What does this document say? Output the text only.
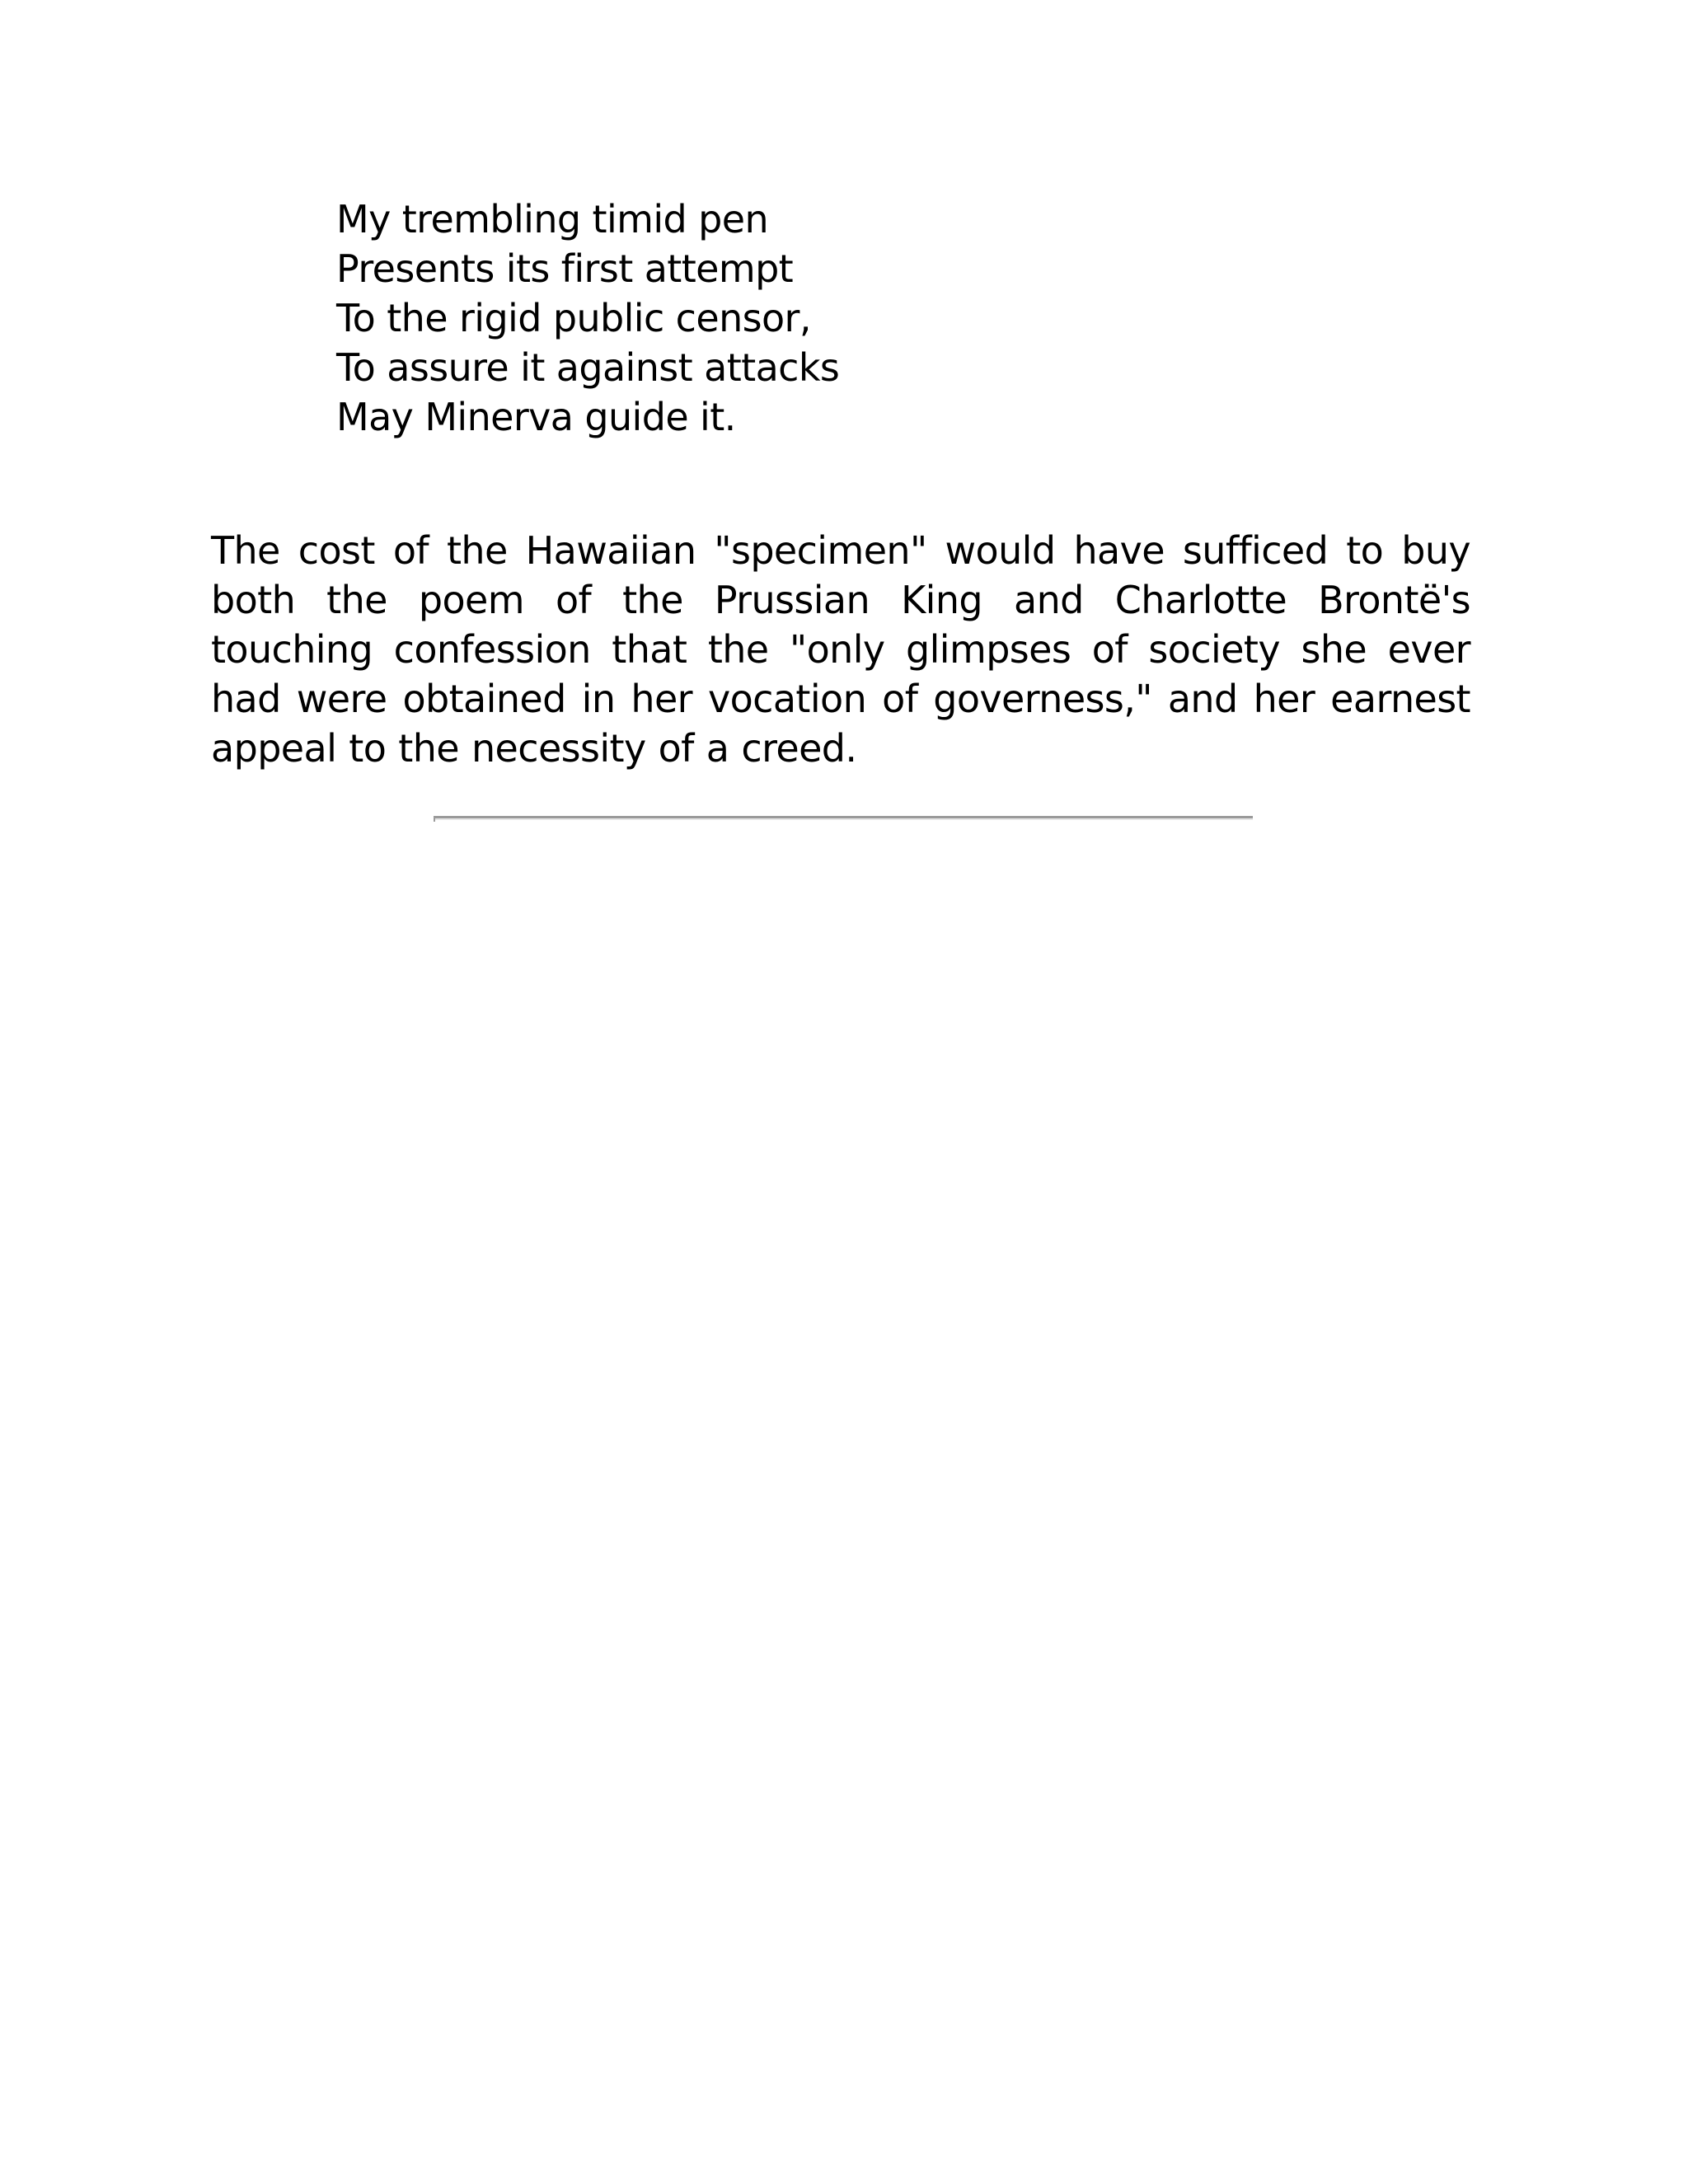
My trembling timid pen
Presents its first attempt
To the rigid public censor,
To assure it against attacks
May Minerva guide it.

The cost of the Hawaiian "specimen" would have sufficed to buy both the poem of the Prussian King and Charlotte Brontë's touching confession that the "only glimpses of society she ever had were obtained in her vocation of governess," and her earnest appeal to the necessity of a creed.
